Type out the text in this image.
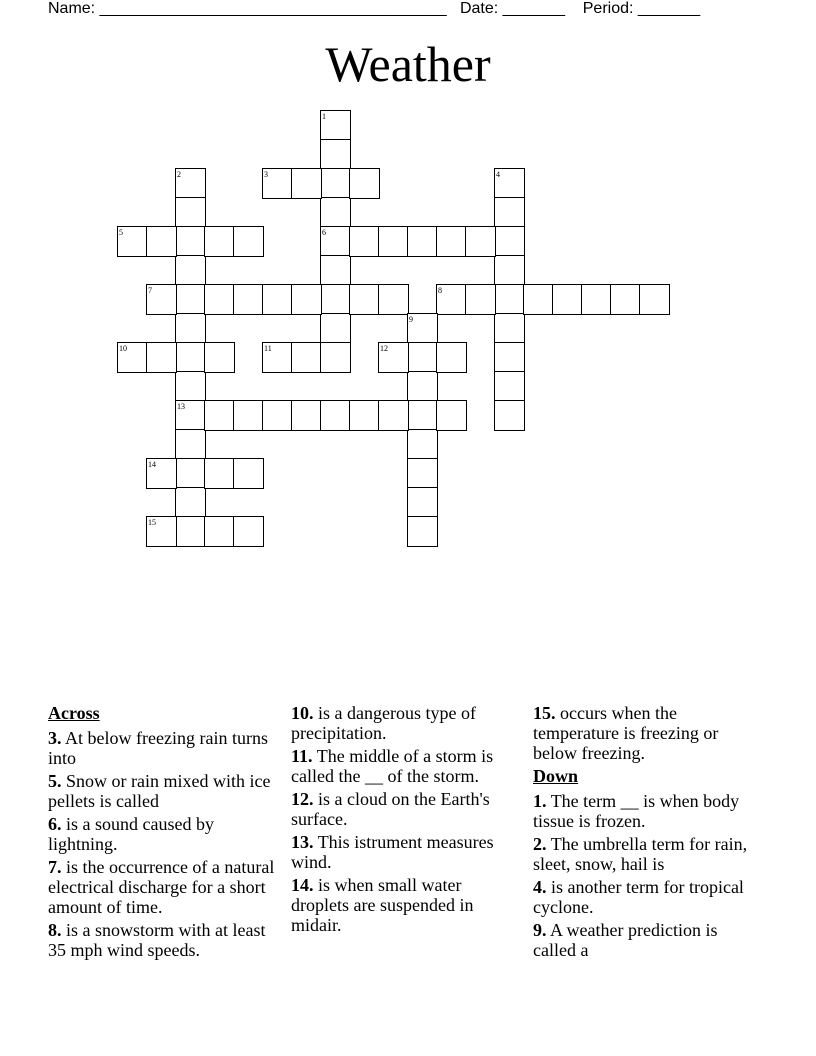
Name: _______________________________________ Date: _______ Period: _______
Weather
1
2	3	4
5	6
7	8
9
10	11	12
13
14
15
Across
3. At below freezing rain turns into
5. Snow or rain mixed with ice pellets is called
6. is a sound caused by lightning.
7. is the occurrence of a natural electrical discharge for a short amount of time.
8. is a snowstorm with at least 35 mph wind speeds.
10. is a dangerous type of precipitation.
11. The middle of a storm is called the __ of the storm.
12. is a cloud on the Earth's surface.
13. This istrument measures wind.
14. is when small water droplets are suspended in midair.
15. occurs when the temperature is freezing or below freezing.
Down
1. The term __ is when body tissue is frozen.
2. The umbrella term for rain, sleet, snow, hail is
4. is another term for tropical cyclone.
9. A weather prediction is called a
